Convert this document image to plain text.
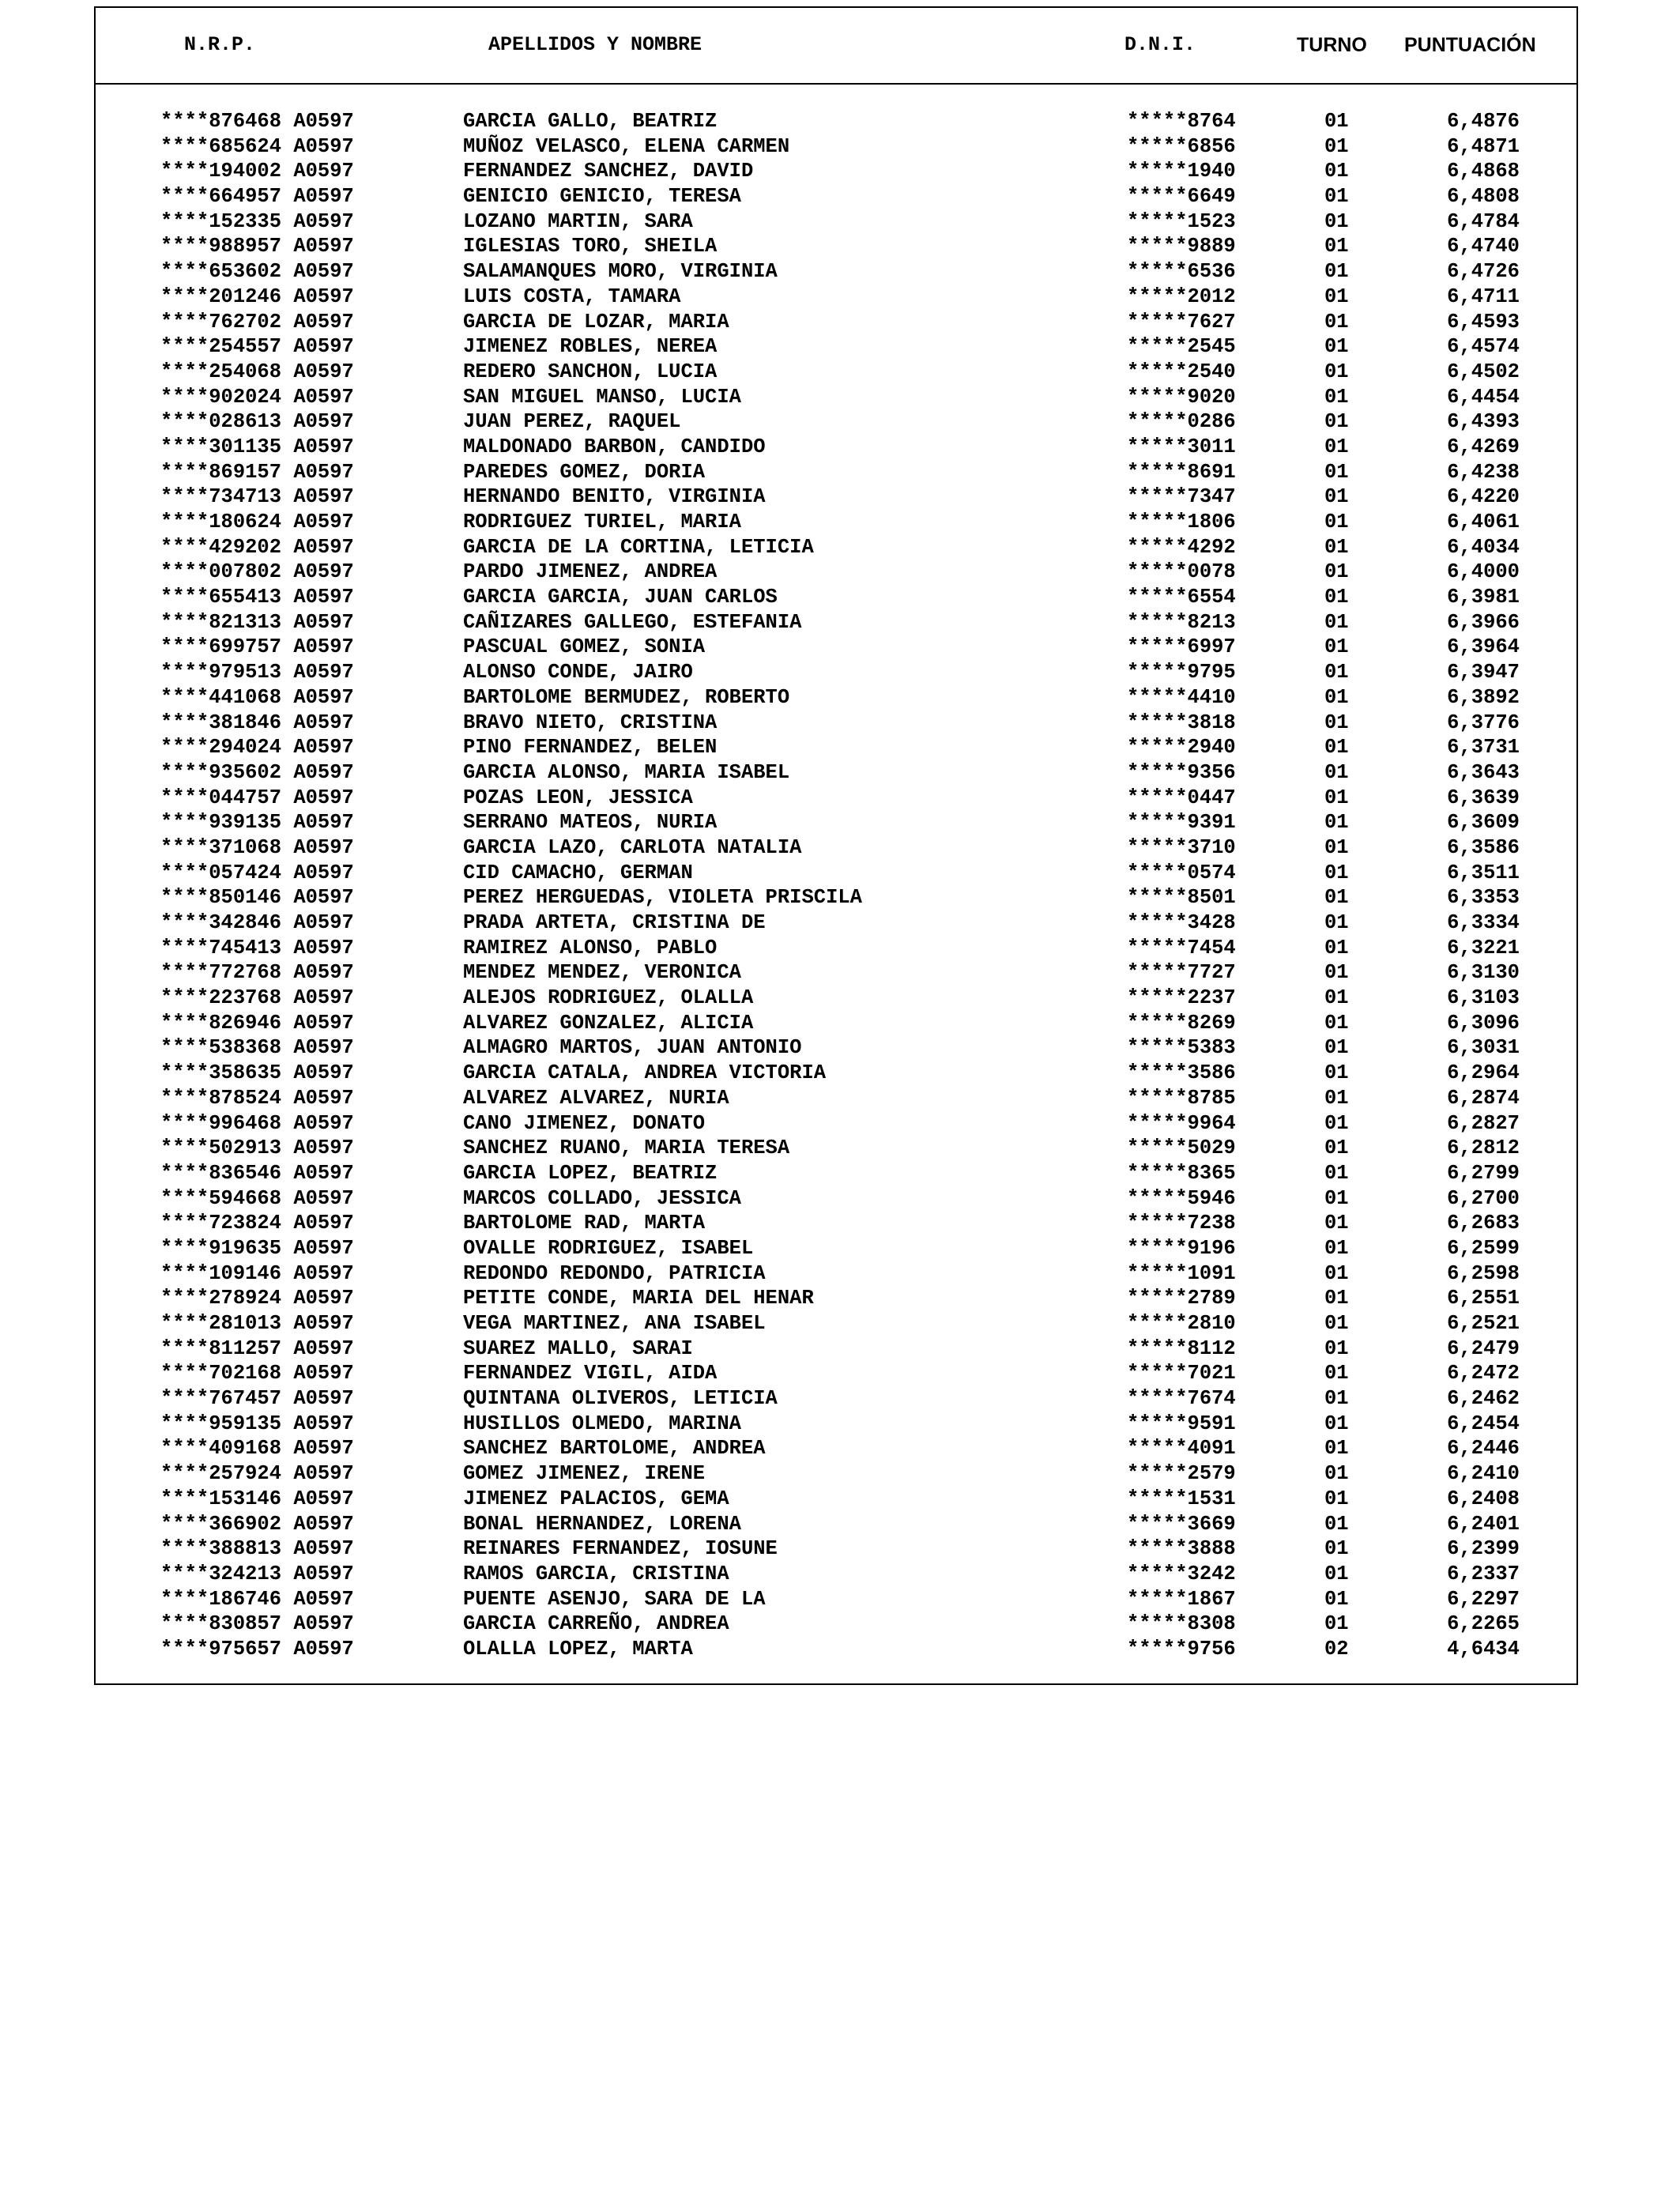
N.R.P.	APELLIDOS Y NOMBRE	D.N.I.	TURNO PUNTUACIÓN
****876468 A0597	GARCIA GALLO, BEATRIZ	*****8764	01	6,4876
****685624 A0597	MUÑOZ VELASCO, ELENA CARMEN	*****6856	01	6,4871
****194002 A0597	FERNANDEZ SANCHEZ, DAVID	*****1940	01	6,4868
****664957 A0597	GENICIO GENICIO, TERESA	*****6649	01	6,4808
****152335 A0597	LOZANO MARTIN, SARA	*****1523	01	6,4784
****988957 A0597	IGLESIAS TORO, SHEILA	*****9889	01	6,4740
****653602 A0597	SALAMANQUES MORO, VIRGINIA	*****6536	01	6,4726
****201246 A0597	LUIS COSTA, TAMARA	*****2012	01	6,4711
****762702 A0597	GARCIA DE LOZAR, MARIA	*****7627	01	6,4593
****254557 A0597	JIMENEZ ROBLES, NEREA	*****2545	01	6,4574
****254068 A0597	REDERO SANCHON, LUCIA	*****2540	01	6,4502
****902024 A0597	SAN MIGUEL MANSO, LUCIA	*****9020	01	6,4454
****028613 A0597	JUAN PEREZ, RAQUEL	*****0286	01	6,4393
****301135 A0597	MALDONADO BARBON, CANDIDO	*****3011	01	6,4269
****869157 A0597	PAREDES GOMEZ, DORIA	*****8691	01	6,4238
****734713 A0597	HERNANDO BENITO, VIRGINIA	*****7347	01	6,4220
****180624 A0597	RODRIGUEZ TURIEL, MARIA	*****1806	01	6,4061
****429202 A0597	GARCIA DE LA CORTINA, LETICIA	*****4292	01	6,4034
****007802 A0597	PARDO JIMENEZ, ANDREA	*****0078	01	6,4000
****655413 A0597	GARCIA GARCIA, JUAN CARLOS	*****6554	01	6,3981
****821313 A0597	CAÑIZARES GALLEGO, ESTEFANIA	*****8213	01	6,3966
****699757 A0597	PASCUAL GOMEZ, SONIA	*****6997	01	6,3964
****979513 A0597	ALONSO CONDE, JAIRO	*****9795	01	6,3947
****441068 A0597	BARTOLOME BERMUDEZ, ROBERTO	*****4410	01	6,3892
****381846 A0597	BRAVO NIETO, CRISTINA	*****3818	01	6,3776
****294024 A0597	PINO FERNANDEZ, BELEN	*****2940	01	6,3731
****935602 A0597	GARCIA ALONSO, MARIA ISABEL	*****9356	01	6,3643
****044757 A0597	POZAS LEON, JESSICA	*****0447	01	6,3639
****939135 A0597	SERRANO MATEOS, NURIA	*****9391	01	6,3609
****371068 A0597	GARCIA LAZO, CARLOTA NATALIA	*****3710	01	6,3586
****057424 A0597	CID CAMACHO, GERMAN	*****0574	01	6,3511
****850146 A0597	PEREZ HERGUEDAS, VIOLETA PRISCILA	*****8501	01	6,3353
****342846 A0597	PRADA ARTETA, CRISTINA DE	*****3428	01	6,3334
****745413 A0597	RAMIREZ ALONSO, PABLO	*****7454	01	6,3221
****772768 A0597	MENDEZ MENDEZ, VERONICA	*****7727	01	6,3130
****223768 A0597	ALEJOS RODRIGUEZ, OLALLA	*****2237	01	6,3103
****826946 A0597	ALVAREZ GONZALEZ, ALICIA	*****8269	01	6,3096
****538368 A0597	ALMAGRO MARTOS, JUAN ANTONIO	*****5383	01	6,3031
****358635 A0597	GARCIA CATALA, ANDREA VICTORIA	*****3586	01	6,2964
****878524 A0597	ALVAREZ ALVAREZ, NURIA	*****8785	01	6,2874
****996468 A0597	CANO JIMENEZ, DONATO	*****9964	01	6,2827
****502913 A0597	SANCHEZ RUANO, MARIA TERESA	*****5029	01	6,2812
****836546 A0597	GARCIA LOPEZ, BEATRIZ	*****8365	01	6,2799
****594668 A0597	MARCOS COLLADO, JESSICA	*****5946	01	6,2700
****723824 A0597	BARTOLOME RAD, MARTA	*****7238	01	6,2683
****919635 A0597	OVALLE RODRIGUEZ, ISABEL	*****9196	01	6,2599
****109146 A0597	REDONDO REDONDO, PATRICIA	*****1091	01	6,2598
****278924 A0597	PETITE CONDE, MARIA DEL HENAR	*****2789	01	6,2551
****281013 A0597	VEGA MARTINEZ, ANA ISABEL	*****2810	01	6,2521
****811257 A0597	SUAREZ MALLO, SARAI	*****8112	01	6,2479
****702168 A0597	FERNANDEZ VIGIL, AIDA	*****7021	01	6,2472
****767457 A0597	QUINTANA OLIVEROS, LETICIA	*****7674	01	6,2462
****959135 A0597	HUSILLOS OLMEDO, MARINA	*****9591	01	6,2454
****409168 A0597	SANCHEZ BARTOLOME, ANDREA	*****4091	01	6,2446
****257924 A0597	GOMEZ JIMENEZ, IRENE	*****2579	01	6,2410
****153146 A0597	JIMENEZ PALACIOS, GEMA	*****1531	01	6,2408
****366902 A0597	BONAL HERNANDEZ, LORENA	*****3669	01	6,2401
****388813 A0597	REINARES FERNANDEZ, IOSUNE	*****3888	01	6,2399
****324213 A0597	RAMOS GARCIA, CRISTINA	*****3242	01	6,2337
****186746 A0597	PUENTE ASENJO, SARA DE LA	*****1867	01	6,2297
****830857 A0597	GARCIA CARREÑO, ANDREA	*****8308	01	6,2265
****975657 A0597	OLALLA LOPEZ, MARTA	*****9756	02	4,6434
